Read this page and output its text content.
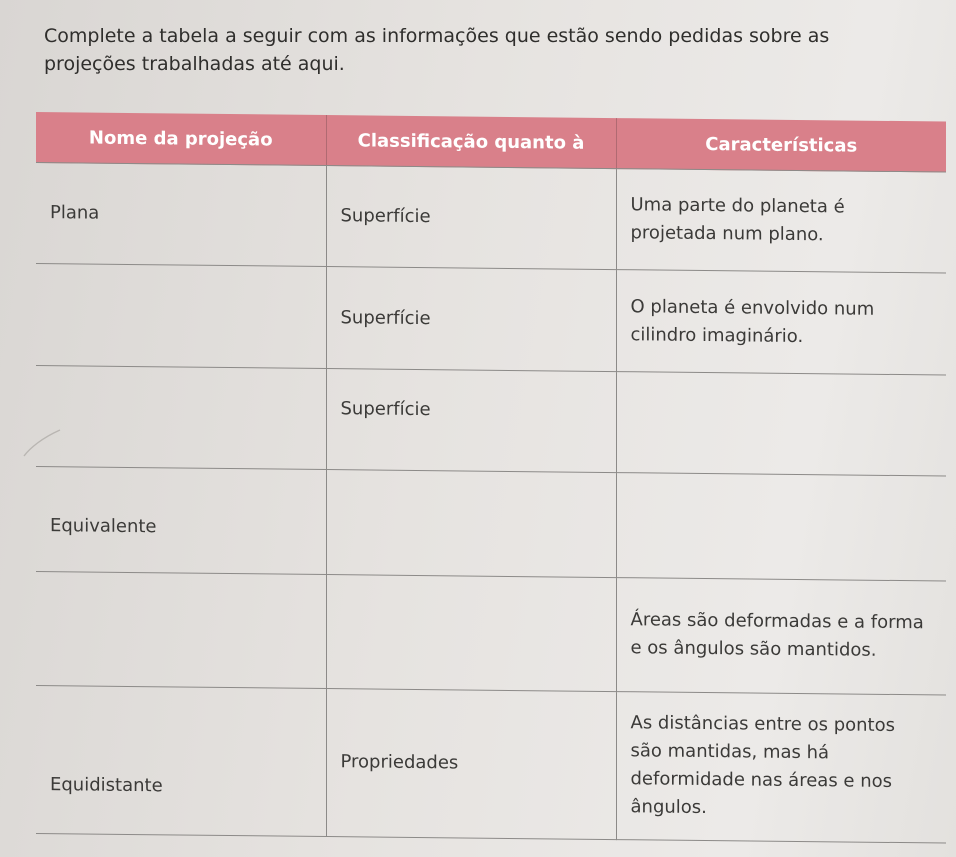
Complete a tabela a seguir com as informações que estão sendo pedidas sobre as projeções trabalhadas até aqui.

Nome da projeção	Classificação quanto à	Características
Plana	Superfície	Uma parte do planeta é projetada num plano.
	Superfície	O planeta é envolvido num cilindro imaginário.
	Superfície	
Equivalente		
		Áreas são deformadas e a forma e os ângulos são mantidos.
Equidistante	Propriedades	As distâncias entre os pontos são mantidas, mas há deformidade nas áreas e nos ângulos.
